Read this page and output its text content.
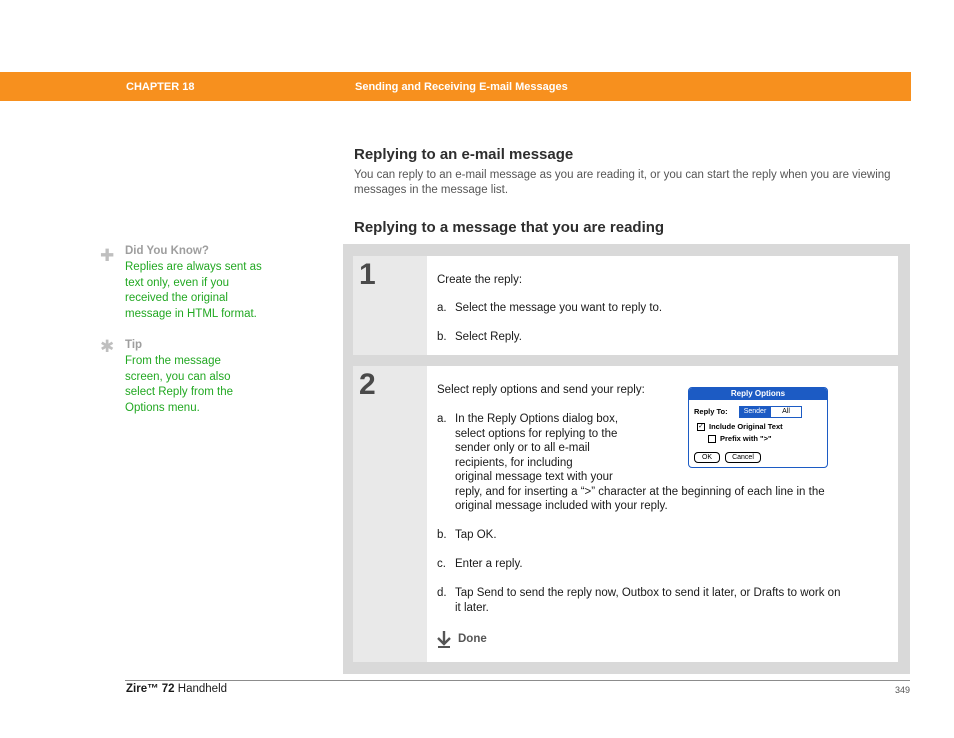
CHAPTER 18	Sending and Receiving E-mail Messages
Replying to an e-mail message
You can reply to an e-mail message as you are reading it, or you can start the reply when you are viewing messages in the message list.
Replying to a message that you are reading
✚ Did You Know?
Replies are always sent as
text only, even if you
received the original
message in HTML format.
✱ Tip
From the message
screen, you can also
select Reply from the
Options menu.
1	Create the reply:
a. Select the message you want to reply to.
b. Select Reply.
2	Select reply options and send your reply:
a. In the Reply Options dialog box,
select options for replying to the
sender only or to all e-mail
recipients, for including
original message text with your
reply, and for inserting a “>” character at the beginning of each line in the
original message included with your reply.
b. Tap OK.
c. Enter a reply.
d. Tap Send to send the reply now, Outbox to send it later, or Drafts to work on
it later.
Done
Reply Options
Reply To:	Sender	All
✓ Include Original Text
Prefix with ">"
OK	Cancel
Zire™ 72 Handheld	349
